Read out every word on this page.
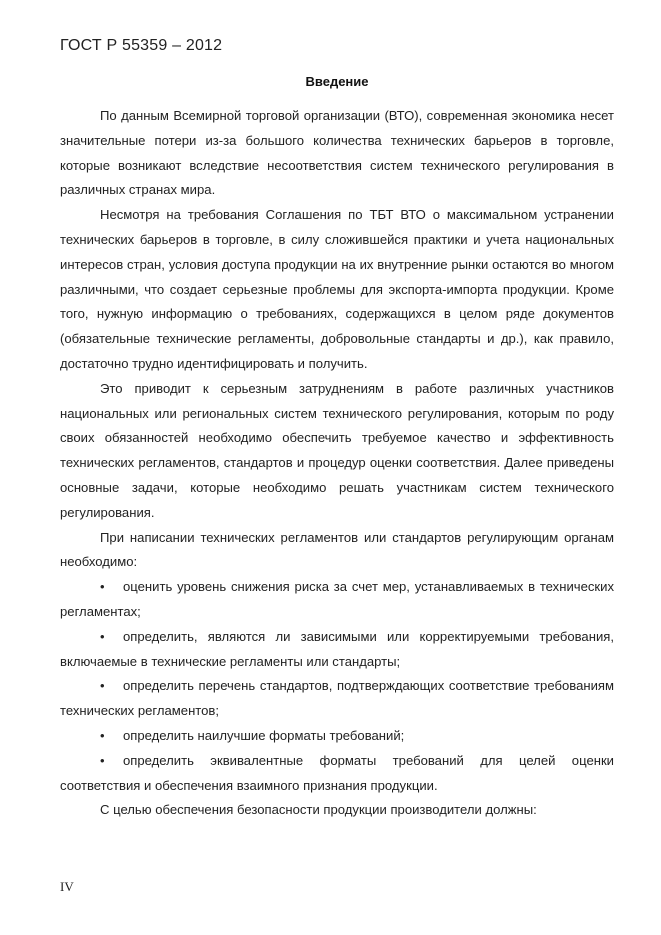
ГОСТ Р 55359 – 2012
Введение

По данным Всемирной торговой организации (ВТО), современная экономика несет значительные потери из-за большого количества технических барьеров в торговле, которые возникают вследствие несоответствия систем технического регулирования в различных странах мира.

Несмотря на требования Соглашения по ТБТ ВТО о максимальном устранении технических барьеров в торговле, в силу сложившейся практики и учета национальных интересов стран, условия доступа продукции на их внутренние рынки остаются во многом различными, что создает серьезные проблемы для экспорта-импорта продукции. Кроме того, нужную информацию о требованиях, содержащихся в целом ряде документов (обязательные технические регламенты, добровольные стандарты и др.), как правило, достаточно трудно идентифицировать и получить.

Это приводит к серьезным затруднениям в работе различных участников национальных или региональных систем технического регулирования, которым по роду своих обязанностей необходимо обеспечить требуемое качество и эффективность технических регламентов, стандартов и процедур оценки соответствия. Далее приведены основные задачи, которые необходимо решать участникам систем технического регулирования.

При написании технических регламентов или стандартов регулирующим органам необходимо:

• оценить уровень снижения риска за счет мер, устанавливаемых в технических регламентах;

• определить, являются ли зависимыми или корректируемыми требования, включаемые в технические регламенты или стандарты;

• определить перечень стандартов, подтверждающих соответствие требованиям технических регламентов;

• определить наилучшие форматы требований;

• определить эквивалентные форматы требований для целей оценки соответствия и обеспечения взаимного признания продукции.

С целью обеспечения безопасности продукции производители должны:

IV
